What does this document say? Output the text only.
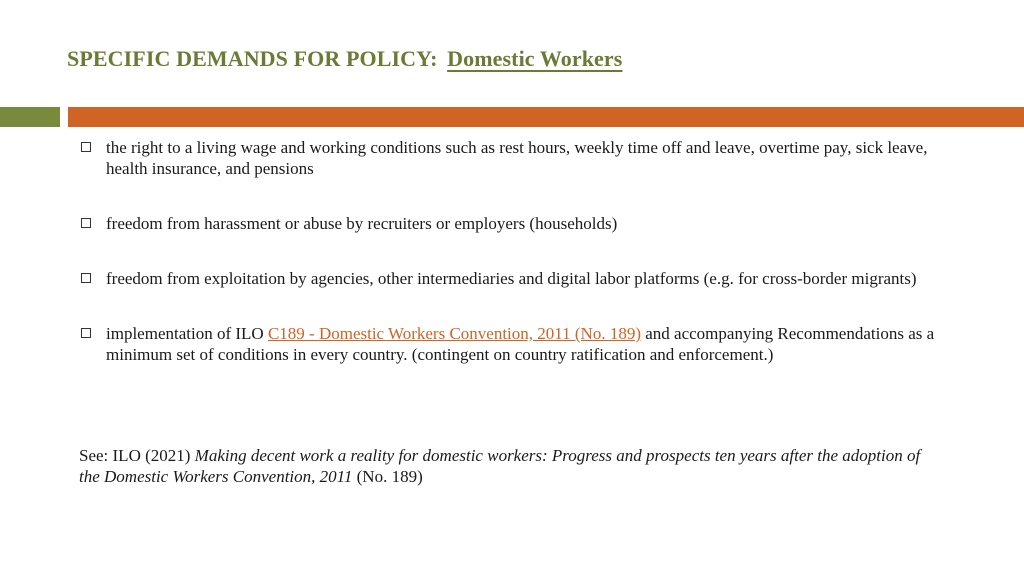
SPECIFIC DEMANDS FOR POLICY: Domestic Workers
the right to a living wage and working conditions such as rest hours, weekly time off and leave, overtime pay, sick leave, health insurance, and pensions
freedom from harassment or abuse by recruiters or employers (households)
freedom from exploitation by agencies, other intermediaries and digital labor platforms (e.g. for cross-border migrants)
implementation of ILO C189 - Domestic Workers Convention, 2011 (No. 189) and accompanying Recommendations as a minimum set of conditions in every country. (contingent on country ratification and enforcement.)
See: ILO (2021) Making decent work a reality for domestic workers: Progress and prospects ten years after the adoption of the Domestic Workers Convention, 2011 (No. 189)
